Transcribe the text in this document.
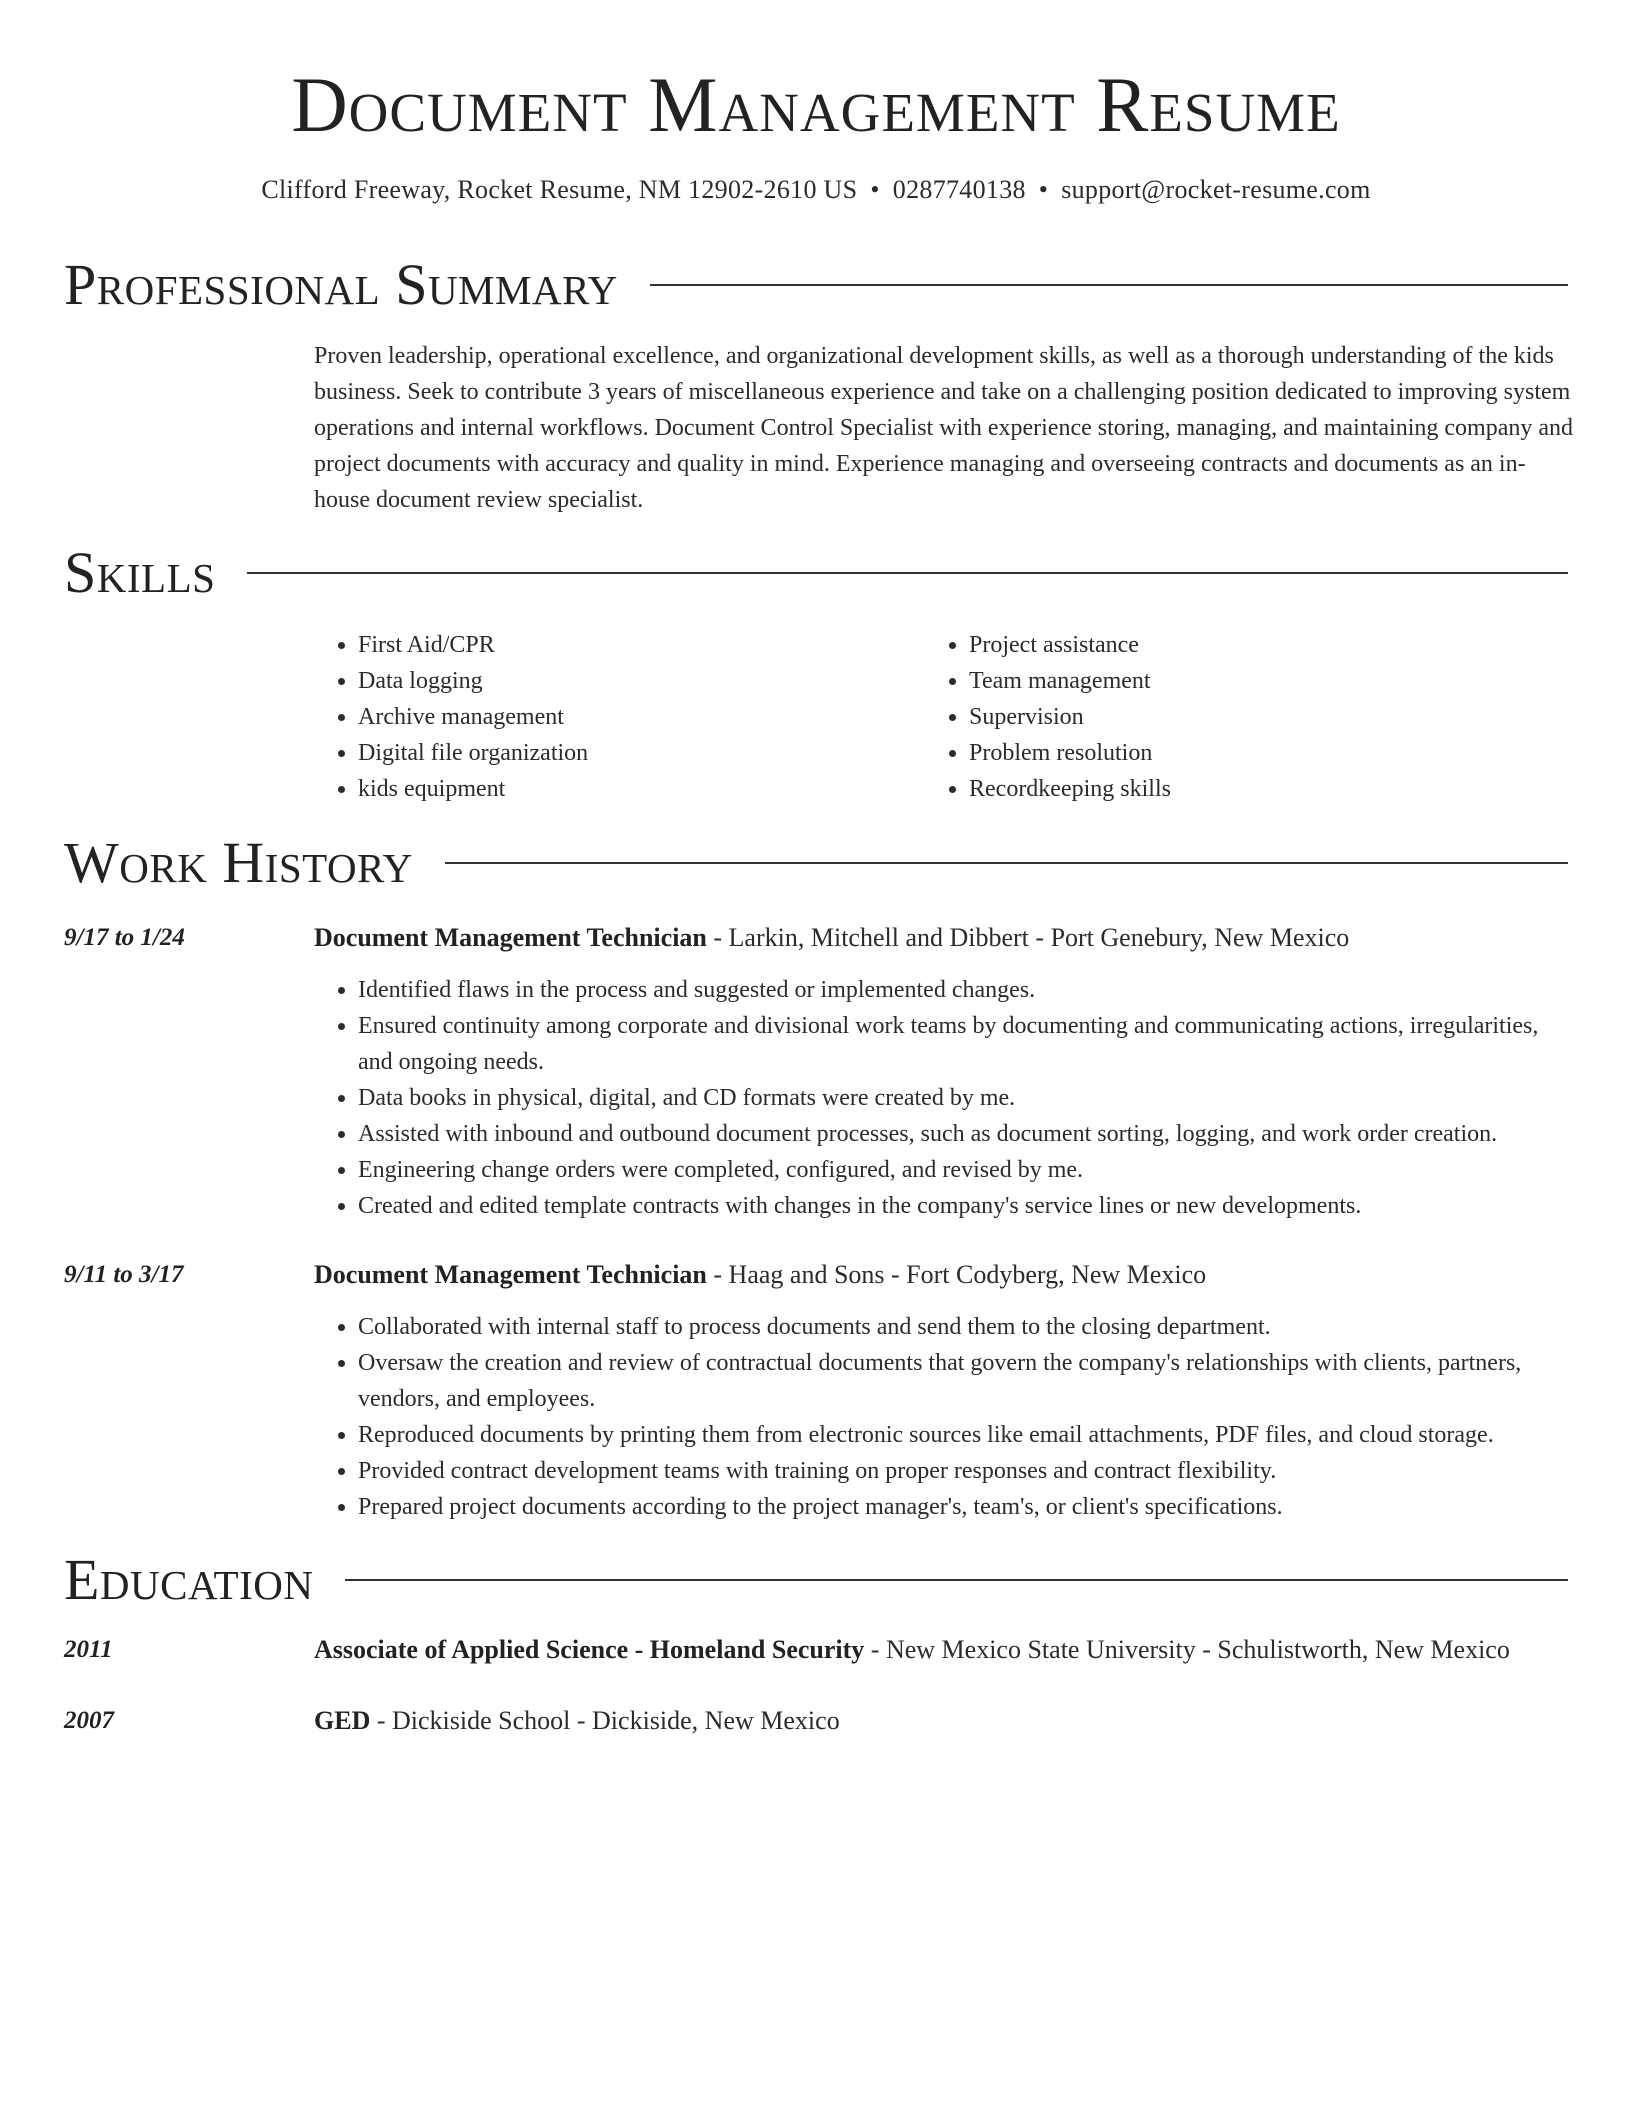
Document Management Resume
Clifford Freeway, Rocket Resume, NM 12902-2610 US • 0287740138 • support@rocket-resume.com
Professional Summary
Proven leadership, operational excellence, and organizational development skills, as well as a thorough understanding of the kids business. Seek to contribute 3 years of miscellaneous experience and take on a challenging position dedicated to improving system operations and internal workflows. Document Control Specialist with experience storing, managing, and maintaining company and project documents with accuracy and quality in mind. Experience managing and overseeing contracts and documents as an in-house document review specialist.
Skills
• First Aid/CPR
• Data logging
• Archive management
• Digital file organization
• kids equipment
• Project assistance
• Team management
• Supervision
• Problem resolution
• Recordkeeping skills
Work History
9/17 to 1/24	Document Management Technician - Larkin, Mitchell and Dibbert - Port Genebury, New Mexico
• Identified flaws in the process and suggested or implemented changes.
• Ensured continuity among corporate and divisional work teams by documenting and communicating actions, irregularities, and ongoing needs.
• Data books in physical, digital, and CD formats were created by me.
• Assisted with inbound and outbound document processes, such as document sorting, logging, and work order creation.
• Engineering change orders were completed, configured, and revised by me.
• Created and edited template contracts with changes in the company's service lines or new developments.
9/11 to 3/17	Document Management Technician - Haag and Sons - Fort Codyberg, New Mexico
• Collaborated with internal staff to process documents and send them to the closing department.
• Oversaw the creation and review of contractual documents that govern the company's relationships with clients, partners, vendors, and employees.
• Reproduced documents by printing them from electronic sources like email attachments, PDF files, and cloud storage.
• Provided contract development teams with training on proper responses and contract flexibility.
• Prepared project documents according to the project manager's, team's, or client's specifications.
Education
2011	Associate of Applied Science - Homeland Security - New Mexico State University - Schulistworth, New Mexico
2007	GED - Dickiside School - Dickiside, New Mexico
